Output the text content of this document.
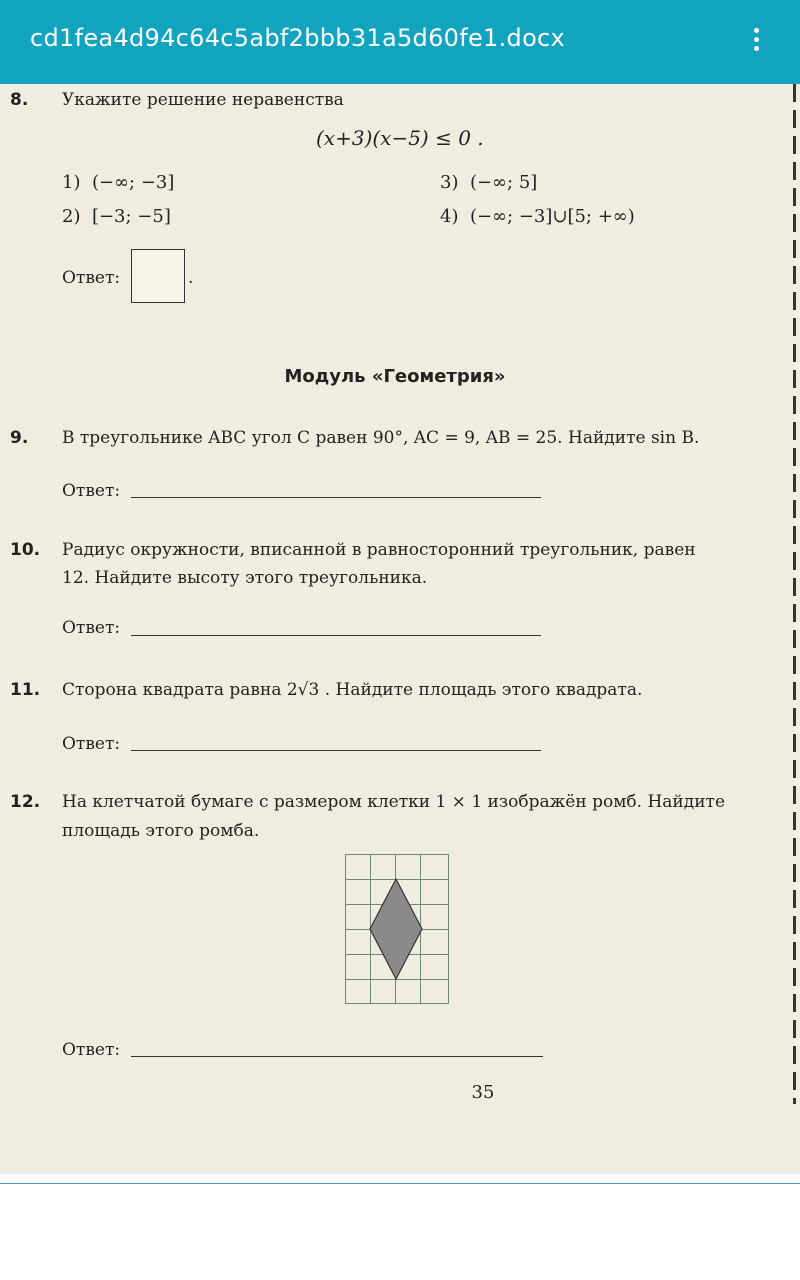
cd1fea4d94c64c5abf2bbb31a5d60fe1.docx
8. Укажите решение неравенства
(x+3)(x−5) ≤ 0 .
1) (−∞; −3]
2) [−3; −5]
3) (−∞; 5]
4) (−∞; −3]∪[5; +∞)
Ответ:	.
Модуль «Геометрия»
9. В треугольнике ABC угол C равен 90°, AC = 9, AB = 25. Найдите sin B.
Ответ:
10. Радиус окружности, вписанной в равносторонний треугольник, равен
12. Найдите высоту этого треугольника.
Ответ:
11. Сторона квадрата равна 2√3 . Найдите площадь этого квадрата.
Ответ:
12. На клетчатой бумаге с размером клетки 1 × 1 изображён ромб. Найдите
площадь этого ромба.
Ответ:
35
